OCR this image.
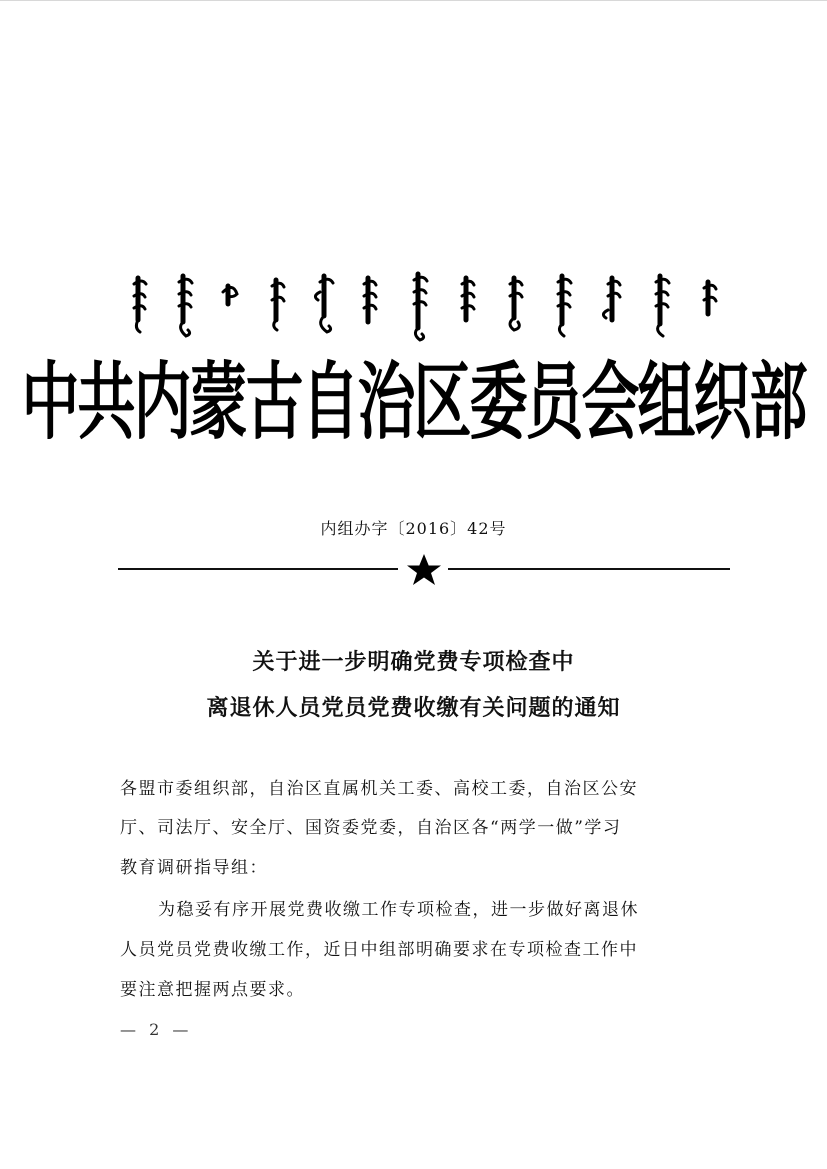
中共内蒙古自治区委员会组织部
内组办字〔2016〕42号
关于进一步明确党费专项检查中
离退休人员党员党费收缴有关问题的通知
各盟市委组织部，自治区直属机关工委、高校工委，自治区公安
厅、司法厅、安全厅、国资委党委，自治区各“两学一做”学习
教育调研指导组：
为稳妥有序开展党费收缴工作专项检查，进一步做好离退休
人员党员党费收缴工作，近日中组部明确要求在专项检查工作中
要注意把握两点要求。
— 2 —
